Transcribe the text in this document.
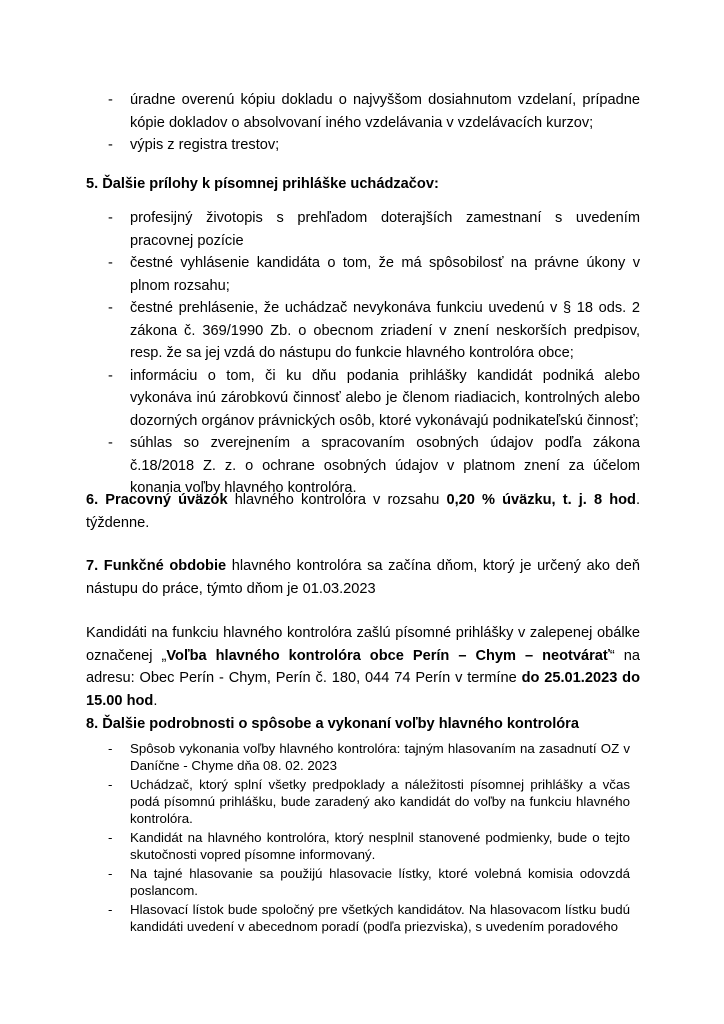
- úradne overenú kópiu dokladu o najvyššom dosiahnutom vzdelaní, prípadne kópie dokladov o absolvovaní iného vzdelávania v vzdelávacích kurzov;
- výpis z registra trestov;

5. Ďalšie prílohy k písomnej prihláške uchádzačov:

- profesijný životopis s prehľadom doterajších zamestnaní s uvedením pracovnej pozície
- čestné vyhlásenie kandidáta o tom, že má spôsobilosť na právne úkony v plnom rozsahu;
- čestné prehlásenie, že uchádzač nevykonáva funkciu uvedenú v § 18 ods. 2 zákona č. 369/1990 Zb. o obecnom zriadení v znení neskorších predpisov, resp. že sa jej vzdá do nástupu do funkcie hlavného kontrolóra obce;
- informáciu o tom, či ku dňu podania prihlášky kandidát podniká alebo vykonáva inú zárobkovú činnosť alebo je členom riadiacich, kontrolných alebo dozorných orgánov právnických osôb, ktoré vykonávajú podnikateľskú činnosť;
- súhlas so zverejnením a spracovaním osobných údajov podľa zákona č.18/2018 Z. z. o ochrane osobných údajov v platnom znení za účelom konania voľby hlavného kontrolóra.

6. Pracovný úväzok hlavného kontrolóra v rozsahu 0,20 % úväzku, t. j. 8 hod. týždenne.

7. Funkčné obdobie hlavného kontrolóra sa začína dňom, ktorý je určený ako deň nástupu do práce, týmto dňom je 01.03.2023

Kandidáti na funkciu hlavného kontrolóra zašlú písomné prihlášky v zalepenej obálke označenej „Voľba hlavného kontrolóra obce Perín – Chym – neotvárať“ na adresu: Obec Perín - Chym, Perín č. 180, 044 74 Perín v termíne do 25.01.2023 do 15.00 hod.

8. Ďalšie podrobnosti o spôsobe a vykonaní voľby hlavného kontrolóra

- Spôsob vykonania voľby hlavného kontrolóra: tajným hlasovaním na zasadnutí OZ v Daníčne - Chyme dňa 08. 02. 2023
- Uchádzač, ktorý splní všetky predpoklady a náležitosti písomnej prihlášky a včas podá písomnú prihlášku, bude zaradený ako kandidát do voľby na funkciu hlavného kontrolóra.
- Kandidát na hlavného kontrolóra, ktorý nesplnil stanovené podmienky, bude o tejto skutočnosti vopred písomne informovaný.
- Na tajné hlasovanie sa použijú hlasovacie lístky, ktoré volebná komisia odovzdá poslancom.
- Hlasovací lístok bude spoločný pre všetkých kandidátov. Na hlasovacom lístku budú kandidáti uvedení v abecednom poradí (podľa priezviska), s uvedením poradového
